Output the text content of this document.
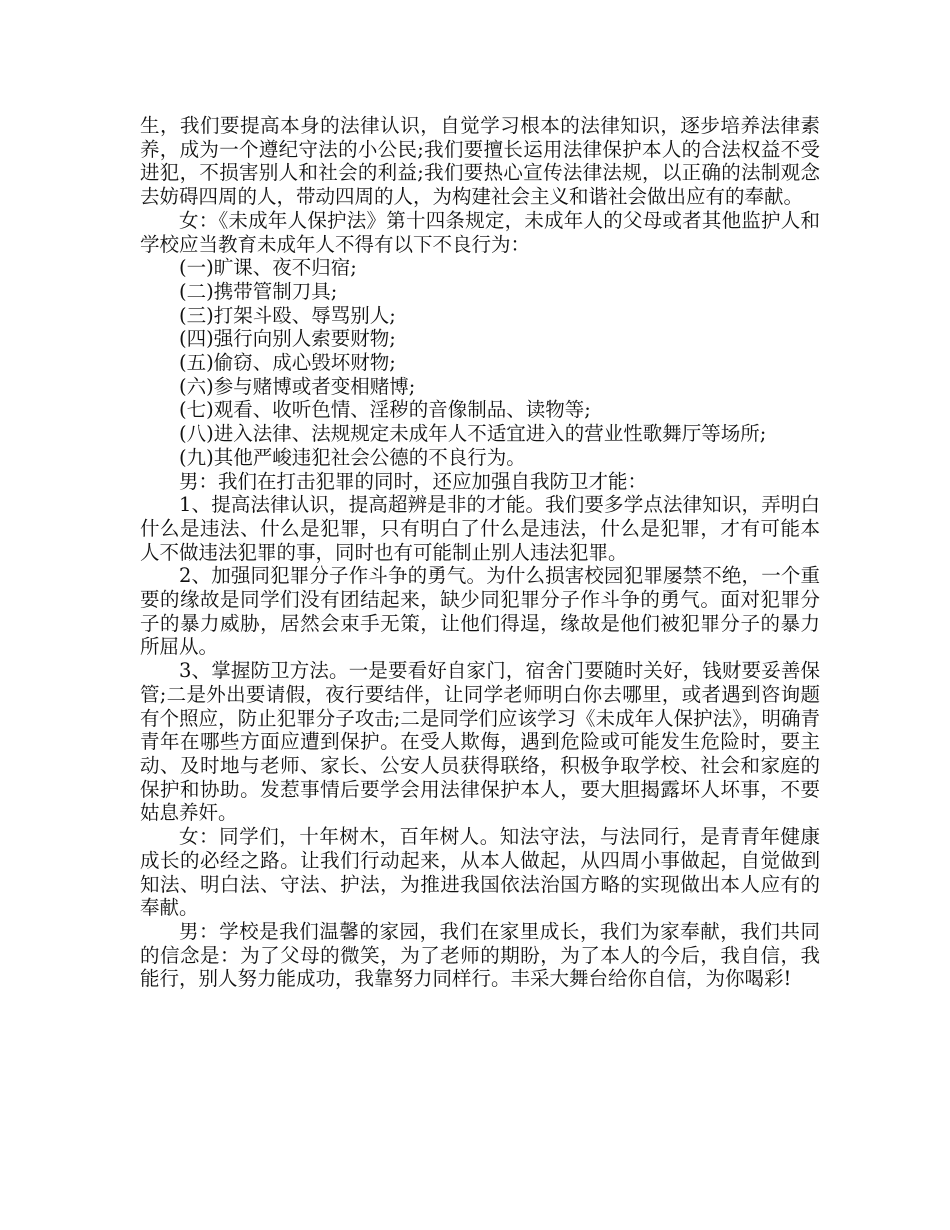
生，我们要提高本身的法律认识，自觉学习根本的法律知识，逐步培养法律素养，成为一个遵纪守法的小公民;我们要擅长运用法律保护本人的合法权益不受进犯，不损害别人和社会的利益;我们要热心宣传法律法规，以正确的法制观念去妨碍四周的人，带动四周的人，为构建社会主义和谐社会做出应有的奉献。

女：《未成年人保护法》第十四条规定，未成年人的父母或者其他监护人和学校应当教育未成年人不得有以下不良行为：

(一)旷课、夜不归宿;

(二)携带管制刀具;

(三)打架斗殴、辱骂别人;

(四)强行向别人索要财物;

(五)偷窃、成心毁坏财物;

(六)参与赌博或者变相赌博;

(七)观看、收听色情、淫秽的音像制品、读物等;

(八)进入法律、法规规定未成年人不适宜进入的营业性歌舞厅等场所;

(九)其他严峻违犯社会公德的不良行为。

男：我们在打击犯罪的同时，还应加强自我防卫才能：

1、提高法律认识，提高超辨是非的才能。我们要多学点法律知识，弄明白什么是违法、什么是犯罪，只有明白了什么是违法，什么是犯罪，才有可能本人不做违法犯罪的事，同时也有可能制止别人违法犯罪。

2、加强同犯罪分子作斗争的勇气。为什么损害校园犯罪屡禁不绝，一个重要的缘故是同学们没有团结起来，缺少同犯罪分子作斗争的勇气。面对犯罪分子的暴力威胁，居然会束手无策，让他们得逞，缘故是他们被犯罪分子的暴力所屈从。

3、掌握防卫方法。一是要看好自家门，宿舍门要随时关好，钱财要妥善保管;二是外出要请假，夜行要结伴，让同学老师明白你去哪里，或者遇到咨询题有个照应，防止犯罪分子攻击;二是同学们应该学习《未成年人保护法》，明确青青年在哪些方面应遭到保护。在受人欺侮，遇到危险或可能发生危险时，要主动、及时地与老师、家长、公安人员获得联络，积极争取学校、社会和家庭的保护和协助。发惹事情后要学会用法律保护本人，要大胆揭露坏人坏事，不要姑息养奸。

女：同学们，十年树木，百年树人。知法守法，与法同行，是青青年健康成长的必经之路。让我们行动起来，从本人做起，从四周小事做起，自觉做到知法、明白法、守法、护法，为推进我国依法治国方略的实现做出本人应有的奉献。

男：学校是我们温馨的家园，我们在家里成长，我们为家奉献，我们共同的信念是：为了父母的微笑，为了老师的期盼，为了本人的今后，我自信，我能行，别人努力能成功，我靠努力同样行。丰采大舞台给你自信，为你喝彩!
